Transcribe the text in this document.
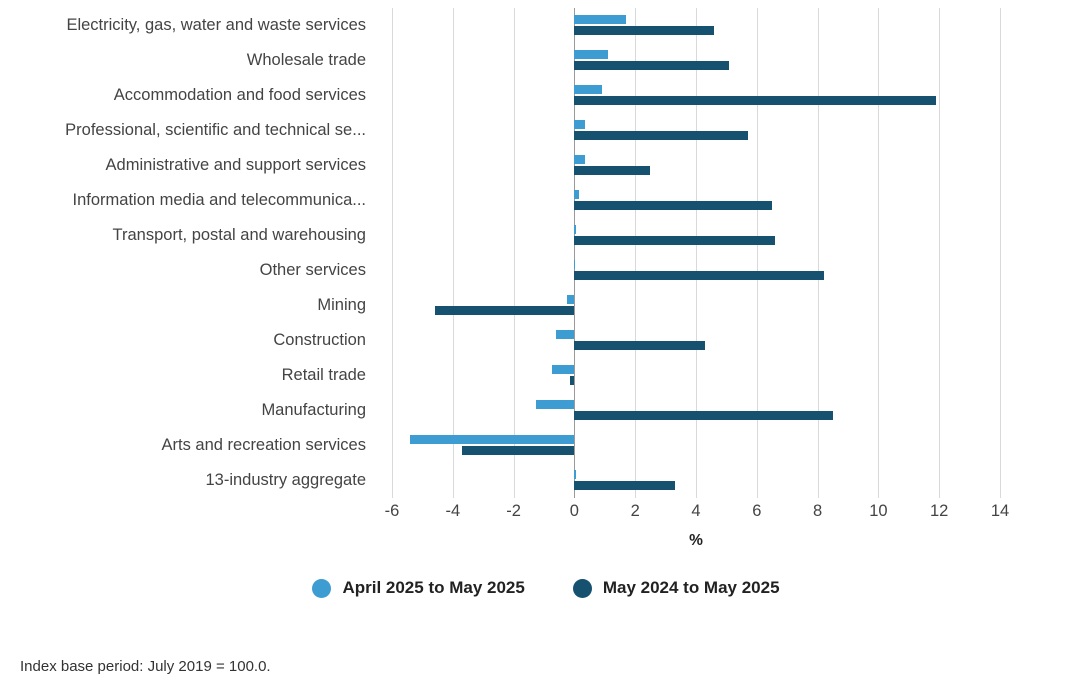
Electricity, gas, water and waste services
Wholesale trade
Accommodation and food services
Professional, scientific and technical se...
Administrative and support services
Information media and telecommunica...
Transport, postal and warehousing
Other services
Mining
Construction
Retail trade
Manufacturing
Arts and recreation services
13-industry aggregate
-6	-4	-2	0	2	4	6	8	10	12	14
%
April 2025 to May 2025	May 2024 to May 2025
Index base period: July 2019 = 100.0.
